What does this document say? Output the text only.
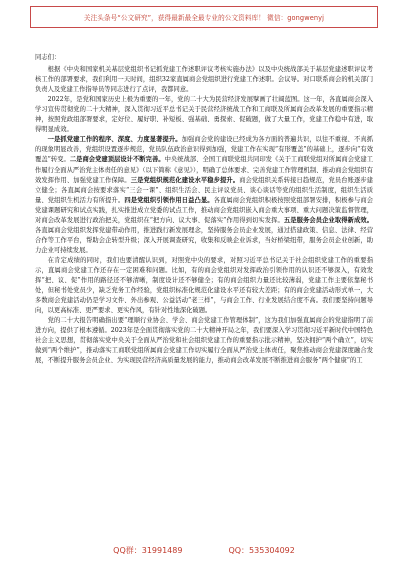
关注头条号“公文研究”，获得最新最全最专业的公文资料库！ 微信：gongwenyj

同志们：

根据《中央和国家机关基层党组织书记抓党建工作述职评议考核实施办法》以及中央统战部关于基层党建述职评议考核工作的部署要求，我们利用一天时间，组织32家直属商会党组织进行党建工作述职。会议导。对口联系商会的机关部门负责人及党建工作指导员等同志进行了点评，我都同意。

2022年，是党和国家历史上极为重要的一年，党的二十大为民营经济发展擘画了壮阔蓝图。这一年，各直属商会深入学习宣传贯彻党的二十大精神，深入贯彻习近平总书记关于民营经济统战工作和工商联及所属商会改革发展的重要指示精神，按照党政组部署要求，定好位、履好职、补短板、强基础、勇探索、促破题，做了大量工作，党建工作稳中有进，取得明显成效。

一是抓党建工作的程序、深度、力度显著提升。加强商会党的建设已经成为各方面的普遍共识，以往不重视、不真抓的现象明显改善，党组织设置逐步规范，党员队伍政治意识得到加强，党建工作在实现“有形覆盖”的基础上，逐步向“有效覆盖”转变。二是商会党建顶层设计不断完善。中央统战部、全国工商联党组共同印发《关于工商联党组对所属商会党建工作履行全面从严治党主体责任的意见》（以下简称《意见》），明确了总体要求、完善党建工作管理机制、推动商会党组织有效发挥作用、加强党建工作保障。三是党组织规范化建设水平稳步提升。商会党组织关系转接日趋规范，党员台账逐步建立健全；各直属商会按要求落实“三会一课”、组织生活会、民主评议党员、谈心谈话等党的组织生活制度，组织生活质量、党组织生机活力有所提升。四是党组织引领作用日益凸显。各直属商会党组织积极按照党组部署安排，积极参与商会党建课题研究和试点实践，扎实推进成立党委的试点工作，推动商会党组织嵌入商会重大事项、重大问题决策监督管理，对商会改革发展进行政治把关，党组织在“把方向、议大事、促落实”作用得到切实发挥。五是服务会员企业取得新成效。各直属商会党组织发挥党建带动作用，推进践行新发展理念，坚持服务会员企业发展，通过搭建政策、信息、法律、经营合作等工作平台，帮助会企转型升级；深入开展调查研究，收集和反映企业诉求，当好桥梁纽带，服务会员企业创新，助力企业可持续发展。

在肯定成绩的同时，我们也要清醒认识到，对照党中央的要求，对照习近平总书记关于社会组织党建工作的重要指示，直属商会党建工作还存在一定困难和问题。比如，有的商会党组织对发挥政治引领作用的认识还不够深入，有效发挥“把、议、促”作用的路径还不够清晰，制度设计还不够健全；有的商会组织力量还比较薄弱，党建工作主要依靠秘书处，但秘书处党员少，缺乏党务工作经验，党组织标准化规范化建设水平还有较大差距；有的商会党建活动形式单一，大多数商会党建活动仍是学习文件、外出参观、公益活动“老三样”，与商会工作、行业发展结合度不高。我们要坚持问题导向，以更高标准、更严要求、更实作风，有针对性地深化破题。

党的二十大报告明确指出要“理顺行业协会、学会、商会党建工作管理体制”，这为我们加强直属商会的党建指明了前进方向，提供了根本遵循。2023年是全面贯彻落实党的二十大精神开局之年，我们要深入学习贯彻习近平新时代中国特色社会主义思想，贯彻落实党中央关于全面从严治党和社会组织党建工作的重要指示批示精神，坚决拥护“两个确立”，切实做到“两个维护”，推动落实工商联党组所属商会党建工作切实履行全面从严治党主体责任，聚焦推动商会党建深度融合发展，不断提升服务会员企业、为实现民营经济高质量发展的能力，推动商会改革发展不断推进商会服务“两个健康”的工

QQ群：31991489	QQ：535304092
